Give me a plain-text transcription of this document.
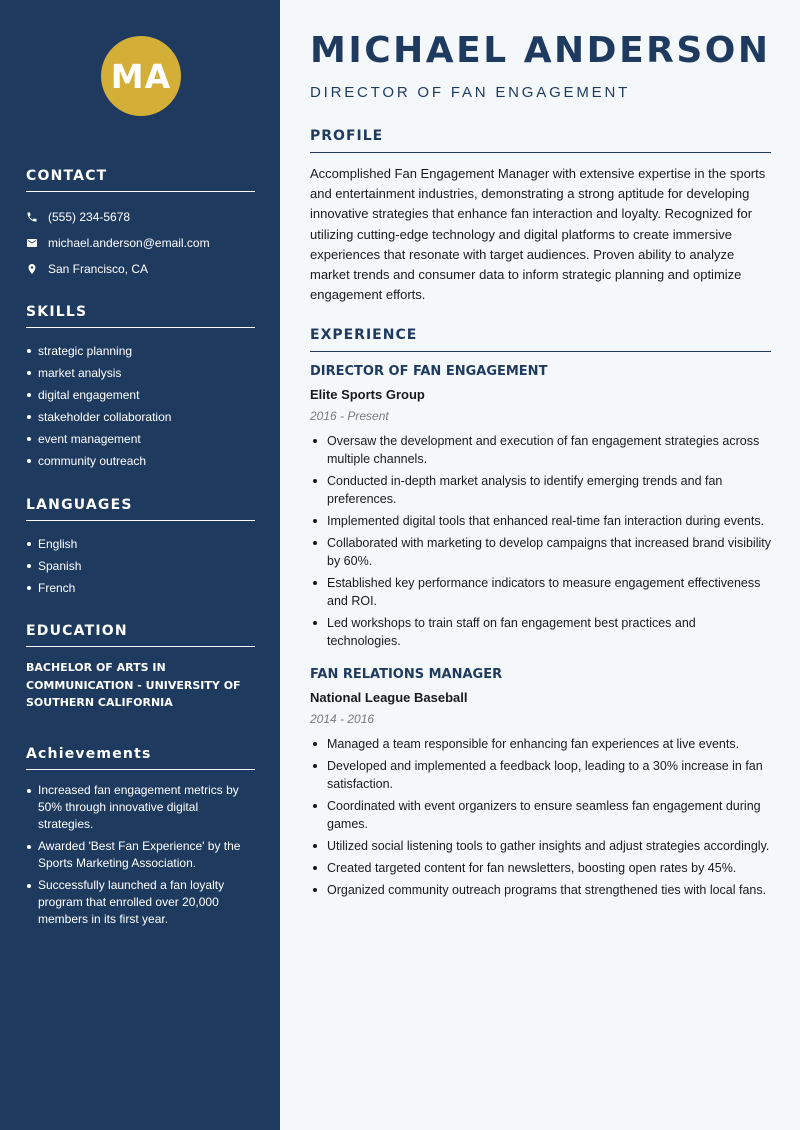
MA
CONTACT
(555) 234-5678
michael.anderson@email.com
San Francisco, CA
SKILLS
strategic planning
market analysis
digital engagement
stakeholder collaboration
event management
community outreach
LANGUAGES
English
Spanish
French
EDUCATION
BACHELOR OF ARTS IN COMMUNICATION - UNIVERSITY OF SOUTHERN CALIFORNIA
Achievements
Increased fan engagement metrics by 50% through innovative digital strategies.
Awarded 'Best Fan Experience' by the Sports Marketing Association.
Successfully launched a fan loyalty program that enrolled over 20,000 members in its first year.
MICHAEL ANDERSON
DIRECTOR OF FAN ENGAGEMENT
PROFILE

Accomplished Fan Engagement Manager with extensive expertise in the sports and entertainment industries, demonstrating a strong aptitude for developing innovative strategies that enhance fan interaction and loyalty. Recognized for utilizing cutting-edge technology and digital platforms to create immersive experiences that resonate with target audiences. Proven ability to analyze market trends and consumer data to inform strategic planning and optimize engagement efforts.

EXPERIENCE
DIRECTOR OF FAN ENGAGEMENT
Elite Sports Group
2016 - Present
Oversaw the development and execution of fan engagement strategies across multiple channels.
Conducted in-depth market analysis to identify emerging trends and fan preferences.
Implemented digital tools that enhanced real-time fan interaction during events.
Collaborated with marketing to develop campaigns that increased brand visibility by 60%.
Established key performance indicators to measure engagement effectiveness and ROI.
Led workshops to train staff on fan engagement best practices and technologies.
FAN RELATIONS MANAGER
National League Baseball
2014 - 2016
Managed a team responsible for enhancing fan experiences at live events.
Developed and implemented a feedback loop, leading to a 30% increase in fan satisfaction.
Coordinated with event organizers to ensure seamless fan engagement during games.
Utilized social listening tools to gather insights and adjust strategies accordingly.
Created targeted content for fan newsletters, boosting open rates by 45%.
Organized community outreach programs that strengthened ties with local fans.
